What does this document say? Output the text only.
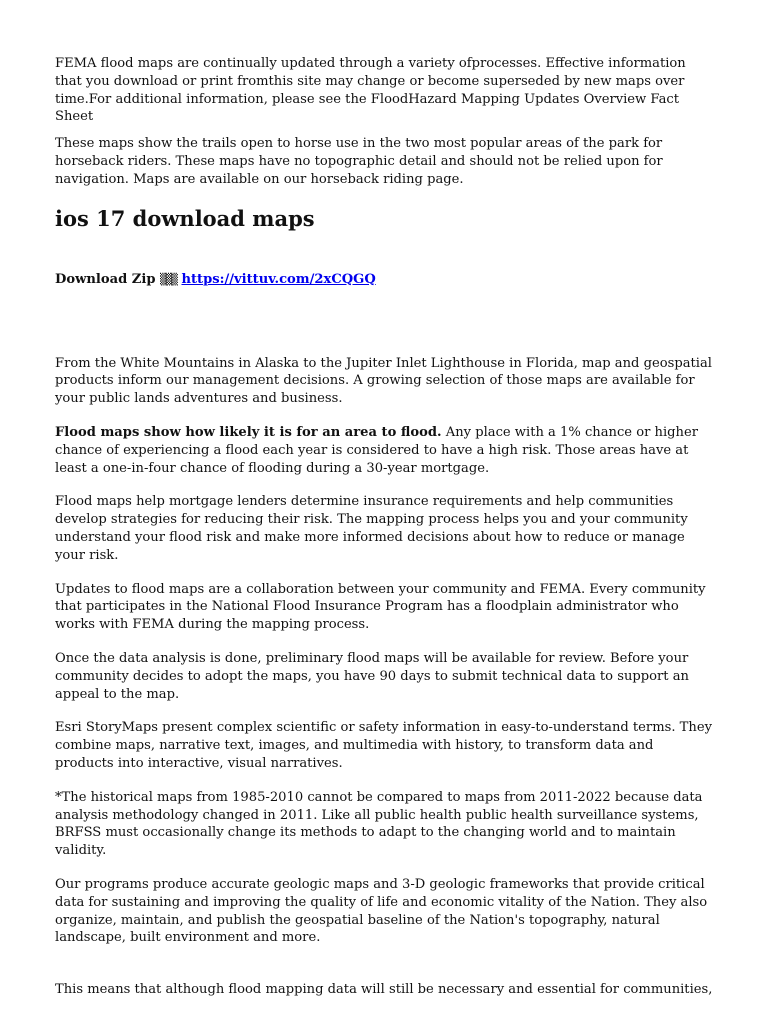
FEMA flood maps are continually updated through a variety ofprocesses. Effective information that you download or print fromthis site may change or become superseded by new maps over time.For additional information, please see the FloodHazard Mapping Updates Overview Fact Sheet

These maps show the trails open to horse use in the two most popular areas of the park for horseback riders. These maps have no topographic detail and should not be relied upon for navigation. Maps are available on our horseback riding page.

ios 17 download maps
Download Zip ▒▒▒ https://vittuv.com/2xCQGQ

From the White Mountains in Alaska to the Jupiter Inlet Lighthouse in Florida, map and geospatial products inform our management decisions. A growing selection of those maps are available for your public lands adventures and business.

Flood maps show how likely it is for an area to flood. Any place with a 1% chance or higher chance of experiencing a flood each year is considered to have a high risk. Those areas have at least a one-in-four chance of flooding during a 30-year mortgage.

Flood maps help mortgage lenders determine insurance requirements and help communities develop strategies for reducing their risk. The mapping process helps you and your community understand your flood risk and make more informed decisions about how to reduce or manage your risk.

Updates to flood maps are a collaboration between your community and FEMA. Every community that participates in the National Flood Insurance Program has a floodplain administrator who works with FEMA during the mapping process.

Once the data analysis is done, preliminary flood maps will be available for review. Before your community decides to adopt the maps, you have 90 days to submit technical data to support an appeal to the map.

Esri StoryMaps present complex scientific or safety information in easy-to-understand terms. They combine maps, narrative text, images, and multimedia with history, to transform data and products into interactive, visual narratives.

*The historical maps from 1985-2010 cannot be compared to maps from 2011-2022 because data analysis methodology changed in 2011. Like all public health public health surveillance systems, BRFSS must occasionally change its methods to adapt to the changing world and to maintain validity.

Our programs produce accurate geologic maps and 3-D geologic frameworks that provide critical data for sustaining and improving the quality of life and economic vitality of the Nation. They also organize, maintain, and publish the geospatial baseline of the Nation's topography, natural landscape, built environment and more.

This means that although flood mapping data will still be necessary and essential for communities,
